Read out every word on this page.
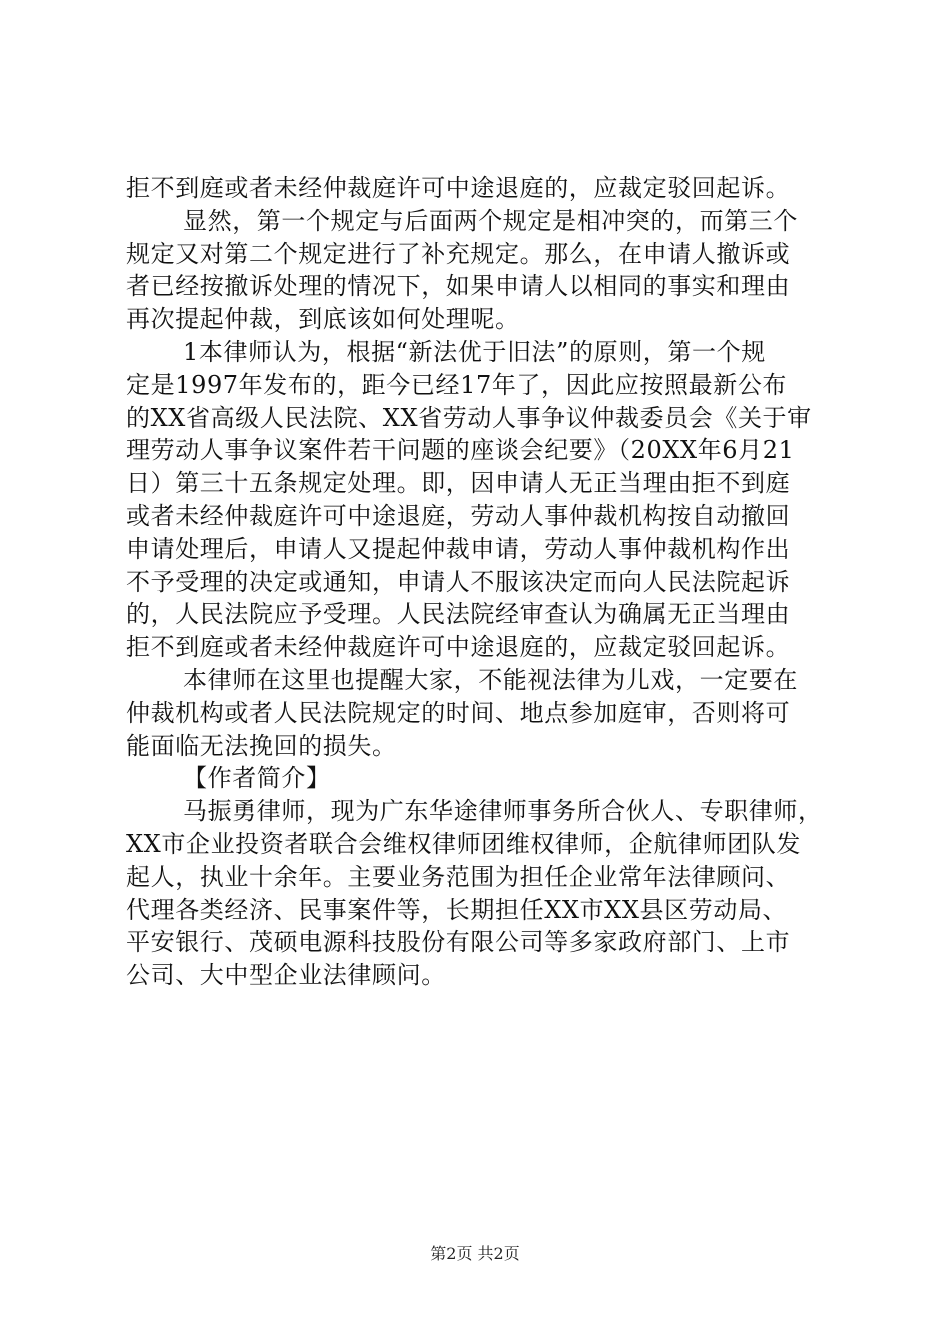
拒不到庭或者未经仲裁庭许可中途退庭的，应裁定驳回起诉。
显然，第一个规定与后面两个规定是相冲突的，而第三个
规定又对第二个规定进行了补充规定。那么，在申请人撤诉或
者已经按撤诉处理的情况下，如果申请人以相同的事实和理由
再次提起仲裁，到底该如何处理呢。
1本律师认为，根据“新法优于旧法”的原则，第一个规
定是1997年发布的，距今已经17年了，因此应按照最新公布
的XX省高级人民法院、XX省劳动人事争议仲裁委员会《关于审
理劳动人事争议案件若干问题的座谈会纪要》（20XX年6月21
日）第三十五条规定处理。即，因申请人无正当理由拒不到庭
或者未经仲裁庭许可中途退庭，劳动人事仲裁机构按自动撤回
申请处理后，申请人又提起仲裁申请，劳动人事仲裁机构作出
不予受理的决定或通知，申请人不服该决定而向人民法院起诉
的，人民法院应予受理。人民法院经审查认为确属无正当理由
拒不到庭或者未经仲裁庭许可中途退庭的，应裁定驳回起诉。
本律师在这里也提醒大家，不能视法律为儿戏，一定要在
仲裁机构或者人民法院规定的时间、地点参加庭审，否则将可
能面临无法挽回的损失。
【作者简介】
马振勇律师，现为广东华途律师事务所合伙人、专职律师，
XX市企业投资者联合会维权律师团维权律师，企航律师团队发
起人，执业十余年。主要业务范围为担任企业常年法律顾问、
代理各类经济、民事案件等，长期担任XX市XX县区劳动局、
平安银行、茂硕电源科技股份有限公司等多家政府部门、上市
公司、大中型企业法律顾问。
第2页 共2页
